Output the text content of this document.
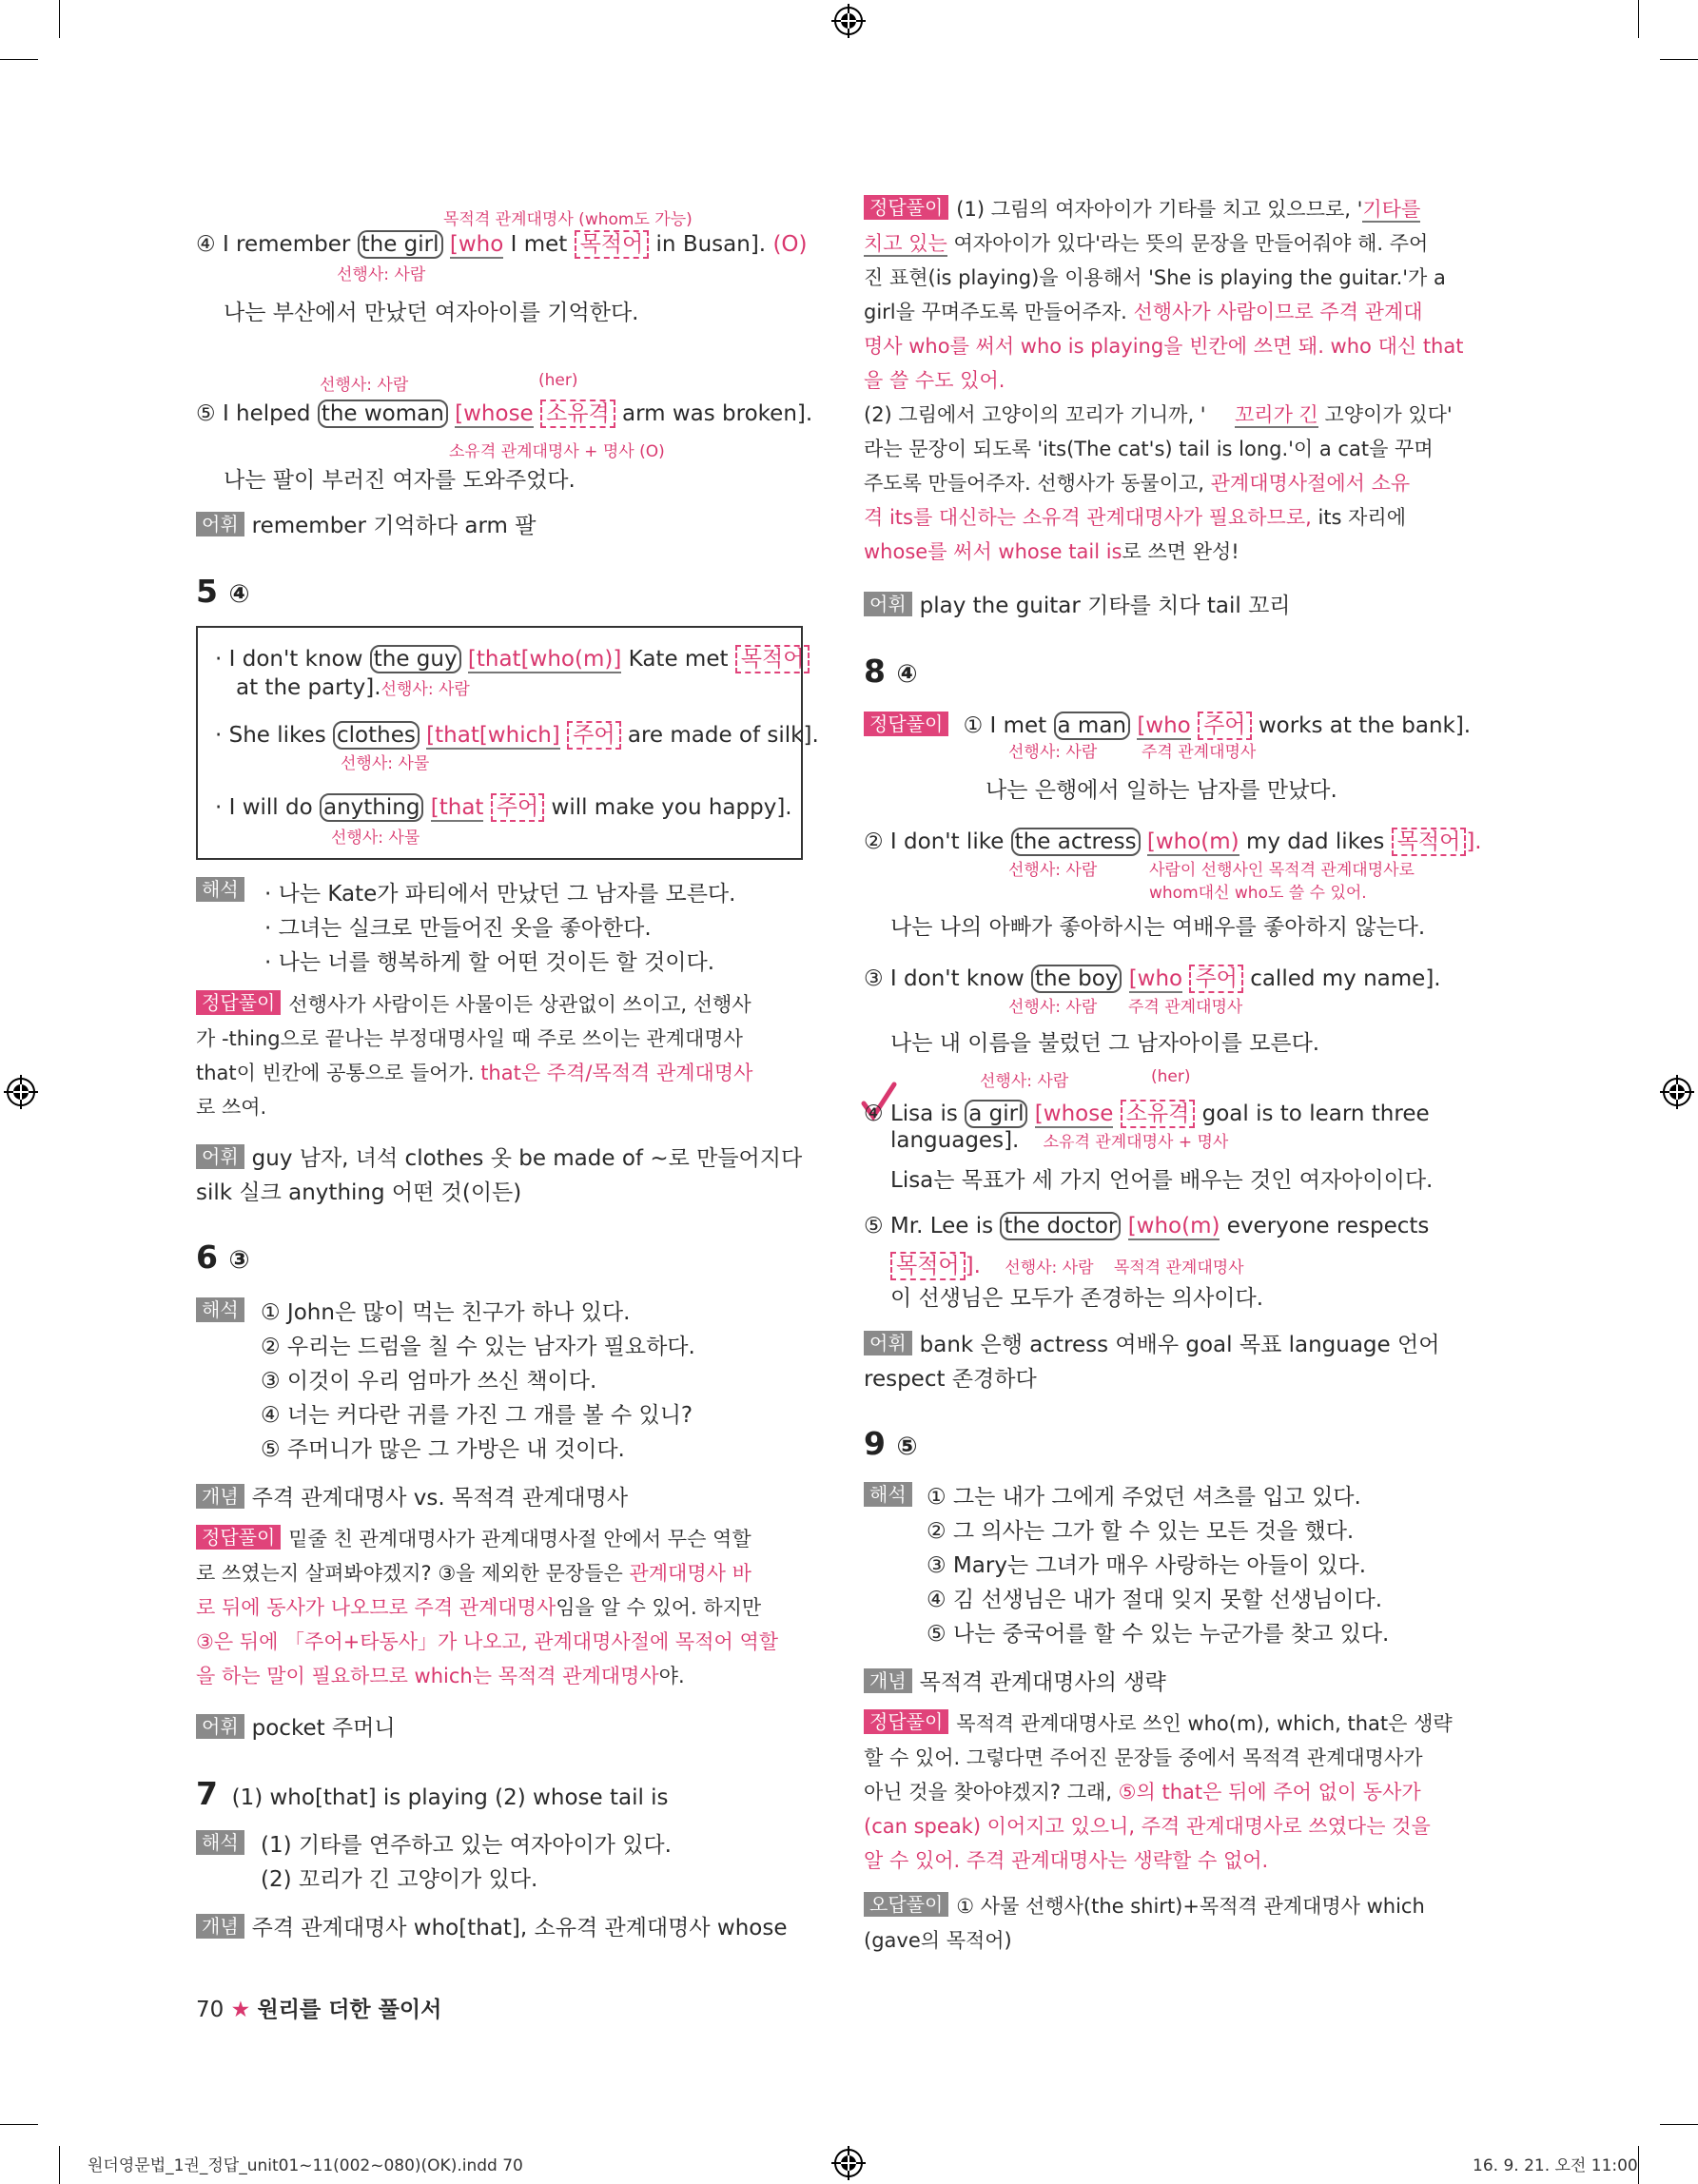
목적격 관계대명사 (whom도 가능)
④ I remember the girl [who I met 목적어 in Busan]. (O)
선행사: 사람
나는 부산에서 만났던 여자아이를 기억한다.
선행사: 사람	(her)
⑤ I helped the woman [whose 소유격 arm was broken].
소유격 관계대명사 + 명사 (O)
나는 팔이 부러진 여자를 도와주었다.
어휘 remember 기억하다 arm 팔
5 ④
· I don't know the guy [that[who(m)] Kate met 목적어
at the party].선행사: 사람
· She likes clothes [that[which] 주어 are made of silk].
선행사: 사물
· I will do anything [that 주어 will make you happy].
선행사: 사물
해석	· 나는 Kate가 파티에서 만났던 그 남자를 모른다.
· 그녀는 실크로 만들어진 옷을 좋아한다.
· 나는 너를 행복하게 할 어떤 것이든 할 것이다.
정답풀이 선행사가 사람이든 사물이든 상관없이 쓰이고, 선행사
가 -thing으로 끝나는 부정대명사일 때 주로 쓰이는 관계대명사
that이 빈칸에 공통으로 들어가. that은 주격/목적격 관계대명사
로 쓰여.
어휘 guy 남자, 녀석 clothes 옷 be made of ~로 만들어지다
silk 실크 anything 어떤 것(이든)
6 ③
해석	① John은 많이 먹는 친구가 하나 있다.
② 우리는 드럼을 칠 수 있는 남자가 필요하다.
③ 이것이 우리 엄마가 쓰신 책이다.
④ 너는 커다란 귀를 가진 그 개를 볼 수 있니?
⑤ 주머니가 많은 그 가방은 내 것이다.
개념 주격 관계대명사 vs. 목적격 관계대명사
정답풀이 밑줄 친 관계대명사가 관계대명사절 안에서 무슨 역할
로 쓰였는지 살펴봐야겠지? ③을 제외한 문장들은 관계대명사 바
로 뒤에 동사가 나오므로 주격 관계대명사임을 알 수 있어. 하지만
③은 뒤에 「주어+타동사」가 나오고, 관계대명사절에 목적어 역할
을 하는 말이 필요하므로 which는 목적격 관계대명사야.
어휘 pocket 주머니
7 (1) who[that] is playing (2) whose tail is
해석	(1) 기타를 연주하고 있는 여자아이가 있다.
(2) 꼬리가 긴 고양이가 있다.
개념 주격 관계대명사 who[that], 소유격 관계대명사 whose
70 ★ 원리를 더한 풀이서
정답풀이 (1) 그림의 여자아이가 기타를 치고 있으므로, '기타를
치고 있는 여자아이가 있다'라는 뜻의 문장을 만들어줘야 해. 주어
진 표현(is playing)을 이용해서 'She is playing the guitar.'가 a
girl을 꾸며주도록 만들어주자. 선행사가 사람이므로 주격 관계대
명사 who를 써서 who is playing을 빈칸에 쓰면 돼. who 대신 that
을 쓸 수도 있어.
(2) 그림에서 고양이의 꼬리가 기니까, '
라는 문장이 되도록 'its(The cat's) tail is long.'이 a cat을 꾸며
주도록 만들어주자. 선행사가 동물이고, 관계대명사절에서 소유
격 its를 대신하는 소유격 관계대명사가 필요하므로, its 자리에
whose를 써서 whose tail is로 쓰면 완성!
꼬리가 긴 고양이가 있다'
어휘 play the guitar 기타를 치다 tail 꼬리
8 ④
정답풀이 ① I met a man [who 주어 works at the bank].
선행사: 사람	주격 관계대명사
나는 은행에서 일하는 남자를 만났다.
② I don't like the actress [who(m) my dad likes 목적어 ].
선행사: 사람	사람이 선행사인 목적격 관계대명사로
whom대신 who도 쓸 수 있어.
나는 나의 아빠가 좋아하시는 여배우를 좋아하지 않는다.
③ I don't know the boy [who 주어 called my name].
선행사: 사람 주격 관계대명사
나는 내 이름을 불렀던 그 남자아이를 모른다.
선행사: 사람	(her)
④ Lisa is a girl [whose 소유격 goal is to learn three
languages]. 소유격 관계대명사 + 명사
Lisa는 목표가 세 가지 언어를 배우는 것인 여자아이이다.
⑤ Mr. Lee is the doctor [who(m) everyone respects
목적어 ]. 선행사: 사람 목적격 관계대명사
이 선생님은 모두가 존경하는 의사이다.
어휘 bank 은행 actress 여배우 goal 목표 language 언어
respect 존경하다
9 ⑤
해석 ① 그는 내가 그에게 주었던 셔츠를 입고 있다.
② 그 의사는 그가 할 수 있는 모든 것을 했다.
③ Mary는 그녀가 매우 사랑하는 아들이 있다.
④ 김 선생님은 내가 절대 잊지 못할 선생님이다.
⑤ 나는 중국어를 할 수 있는 누군가를 찾고 있다.
개념 목적격 관계대명사의 생략
정답풀이 목적격 관계대명사로 쓰인 who(m), which, that은 생략
할 수 있어. 그렇다면 주어진 문장들 중에서 목적격 관계대명사가
아닌 것을 찾아야겠지? 그래, ⑤의 that은 뒤에 주어 없이 동사가
(can speak) 이어지고 있으니, 주격 관계대명사로 쓰였다는 것을
알 수 있어. 주격 관계대명사는 생략할 수 없어.
오답풀이 ① 사물 선행사(the shirt)+목적격 관계대명사 which
(gave의 목적어)
원더영문법_1권_정답_unit01~11(002~080)(OK).indd 70	16. 9. 21. 오전 11:00
